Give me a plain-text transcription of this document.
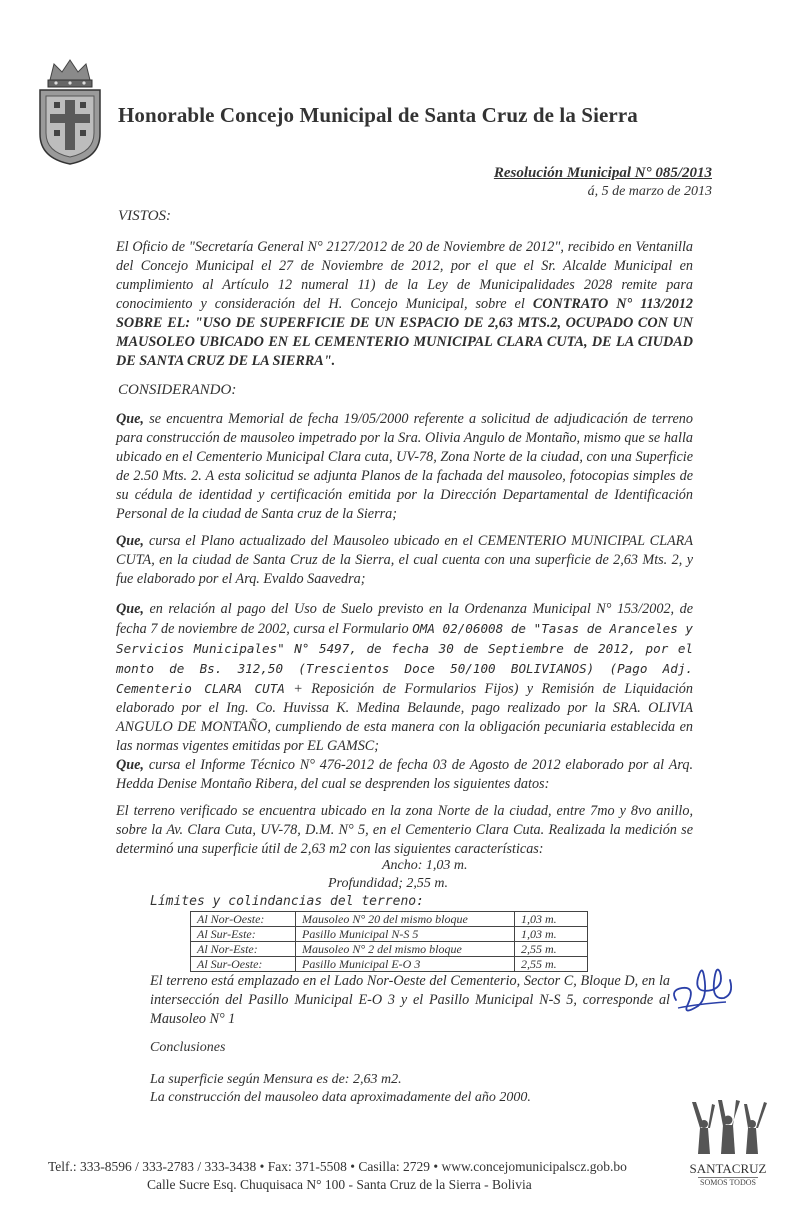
Honorable Concejo Municipal de Santa Cruz de la Sierra
Resolución Municipal N° 085/2013
á, 5 de marzo de 2013
VISTOS:
El Oficio de "Secretaría General N° 2127/2012 de 20 de Noviembre de 2012", recibido en Ventanilla del Concejo Municipal el 27 de Noviembre de 2012, por el que el Sr. Alcalde Municipal en cumplimiento al Artículo 12 numeral 11) de la Ley de Municipalidades 2028 remite para conocimiento y consideración del H. Concejo Municipal, sobre el CONTRATO N° 113/2012 SOBRE EL: "USO DE SUPERFICIE DE UN ESPACIO DE 2,63 MTS.2, OCUPADO CON UN MAUSOLEO UBICADO EN EL CEMENTERIO MUNICIPAL CLARA CUTA, DE LA CIUDAD DE SANTA CRUZ DE LA SIERRA".
CONSIDERANDO:
Que, se encuentra Memorial de fecha 19/05/2000 referente a solicitud de adjudicación de terreno para construcción de mausoleo impetrado por la Sra. Olivia Angulo de Montaño, mismo que se halla ubicado en el Cementerio Municipal Clara cuta, UV-78, Zona Norte de la ciudad, con una Superficie de 2.50 Mts. 2. A esta solicitud se adjunta Planos de la fachada del mausoleo, fotocopias simples de su cédula de identidad y certificación emitida por la Dirección Departamental de Identificación Personal de la ciudad de Santa cruz de la Sierra;
Que, cursa el Plano actualizado del Mausoleo ubicado en el CEMENTERIO MUNICIPAL CLARA CUTA, en la ciudad de Santa Cruz de la Sierra, el cual cuenta con una superficie de 2,63 Mts. 2, y fue elaborado por el Arq. Evaldo Saavedra;
Que, en relación al pago del Uso de Suelo previsto en la Ordenanza Municipal N° 153/2002, de fecha 7 de noviembre de 2002, cursa el Formulario OMA 02/06008 de "Tasas de Aranceles y Servicios Municipales" N° 5497, de fecha 30 de Septiembre de 2012, por el monto de Bs. 312,50 (Trescientos Doce 50/100 BOLIVIANOS) (Pago Adj. Cementerio CLARA CUTA + Reposición de Formularios Fijos) y Remisión de Liquidación elaborado por el Ing. Co. Huvissa K. Medina Belaunde, pago realizado por la SRA. OLIVIA ANGULO DE MONTAÑO, cumpliendo de esta manera con la obligación pecuniaria establecida en las normas vigentes emitidas por EL GAMSC;
Que, cursa el Informe Técnico N° 476-2012 de fecha 03 de Agosto de 2012 elaborado por al Arq. Hedda Denise Montaño Ribera, del cual se desprenden los siguientes datos:
El terreno verificado se encuentra ubicado en la zona Norte de la ciudad, entre 7mo y 8vo anillo, sobre la Av. Clara Cuta, UV-78, D.M. N° 5, en el Cementerio Clara Cuta. Realizada la medición se determinó una superficie útil de 2,63 m2 con las siguientes características:
Ancho: 1,03 m.
Profundidad; 2,55 m.
Límites y colindancias del terreno:
Al Nor-Oeste:	Mausoleo N° 20 del mismo bloque	1,03 m.
Al Sur-Este:	Pasillo Municipal N-S 5	1,03 m.
Al Nor-Este:	Mausoleo N° 2 del mismo bloque	2,55 m.
Al Sur-Oeste:	Pasillo Municipal E-O 3	2,55 m.
El terreno está emplazado en el Lado Nor-Oeste del Cementerio, Sector C, Bloque D, en la intersección del Pasillo Municipal E-O 3 y el Pasillo Municipal N-S 5, corresponde al Mausoleo N° 1
Conclusiones
La superficie según Mensura es de: 2,63 m2.
La construcción del mausoleo data aproximadamente del año 2000.
SANTACRUZ
SOMOS TODOS
Telf.: 333-8596 / 333-2783 / 333-3438 • Fax: 371-5508 • Casilla: 2729 • www.concejomunicipalscz.gob.bo
Calle Sucre Esq. Chuquisaca N° 100 - Santa Cruz de la Sierra - Bolivia
